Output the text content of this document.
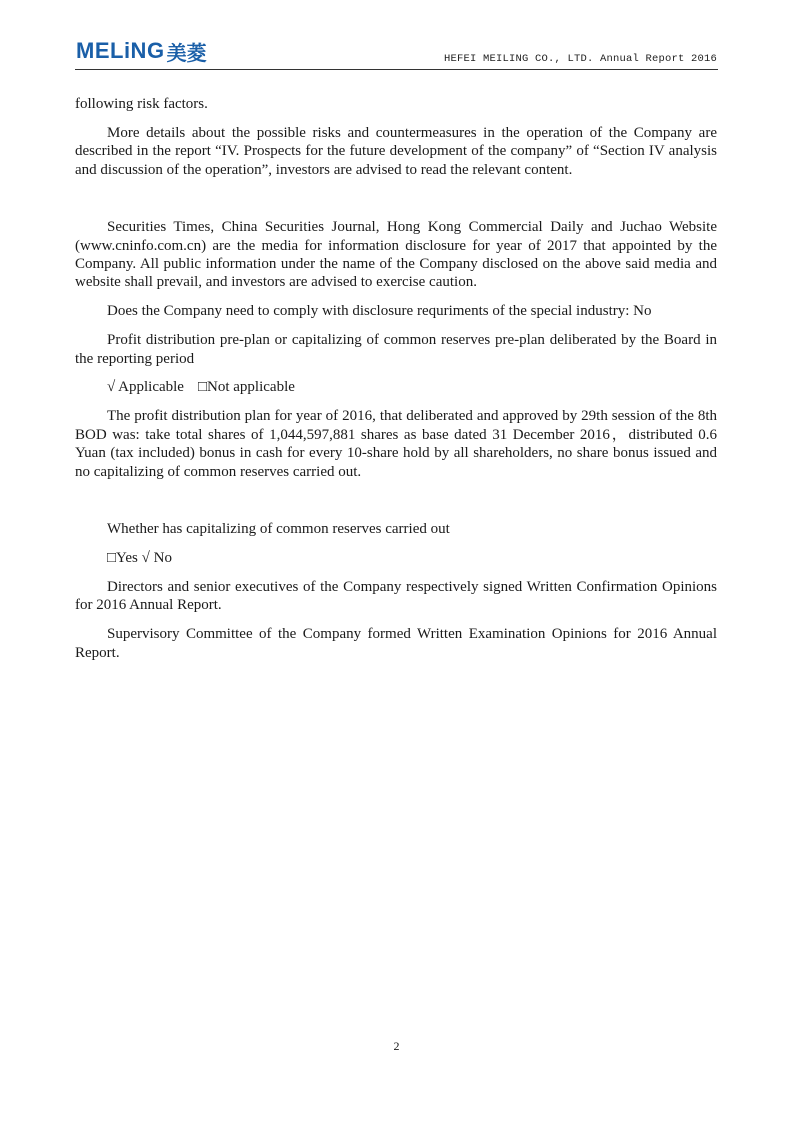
MELiNG 美菱	HEFEI MEILING CO., LTD. Annual Report 2016

following risk factors.

More details about the possible risks and countermeasures in the operation of the Company are described in the report “IV. Prospects for the future development of the company” of “Section IV analysis and discussion of the operation”, investors are advised to read the relevant content.

Securities Times, China Securities Journal, Hong Kong Commercial Daily and Juchao Website (www.cninfo.com.cn) are the media for information disclosure for year of 2017 that appointed by the Company. All public information under the name of the Company disclosed on the above said media and website shall prevail, and investors are advised to exercise caution.

Does the Company need to comply with disclosure requriments of the special industry: No

Profit distribution pre-plan or capitalizing of common reserves pre-plan deliberated by the Board in the reporting period

√ Applicable □Not applicable

The profit distribution plan for year of 2016, that deliberated and approved by 29th session of the 8th BOD was: take total shares of 1,044,597,881 shares as base dated 31 December 2016，distributed 0.6 Yuan (tax included) bonus in cash for every 10-share hold by all shareholders, no share bonus issued and no capitalizing of common reserves carried out.

Whether has capitalizing of common reserves carried out

□Yes √ No

Directors and senior executives of the Company respectively signed Written Confirmation Opinions for 2016 Annual Report.

Supervisory Committee of the Company formed Written Examination Opinions for 2016 Annual Report.

2
